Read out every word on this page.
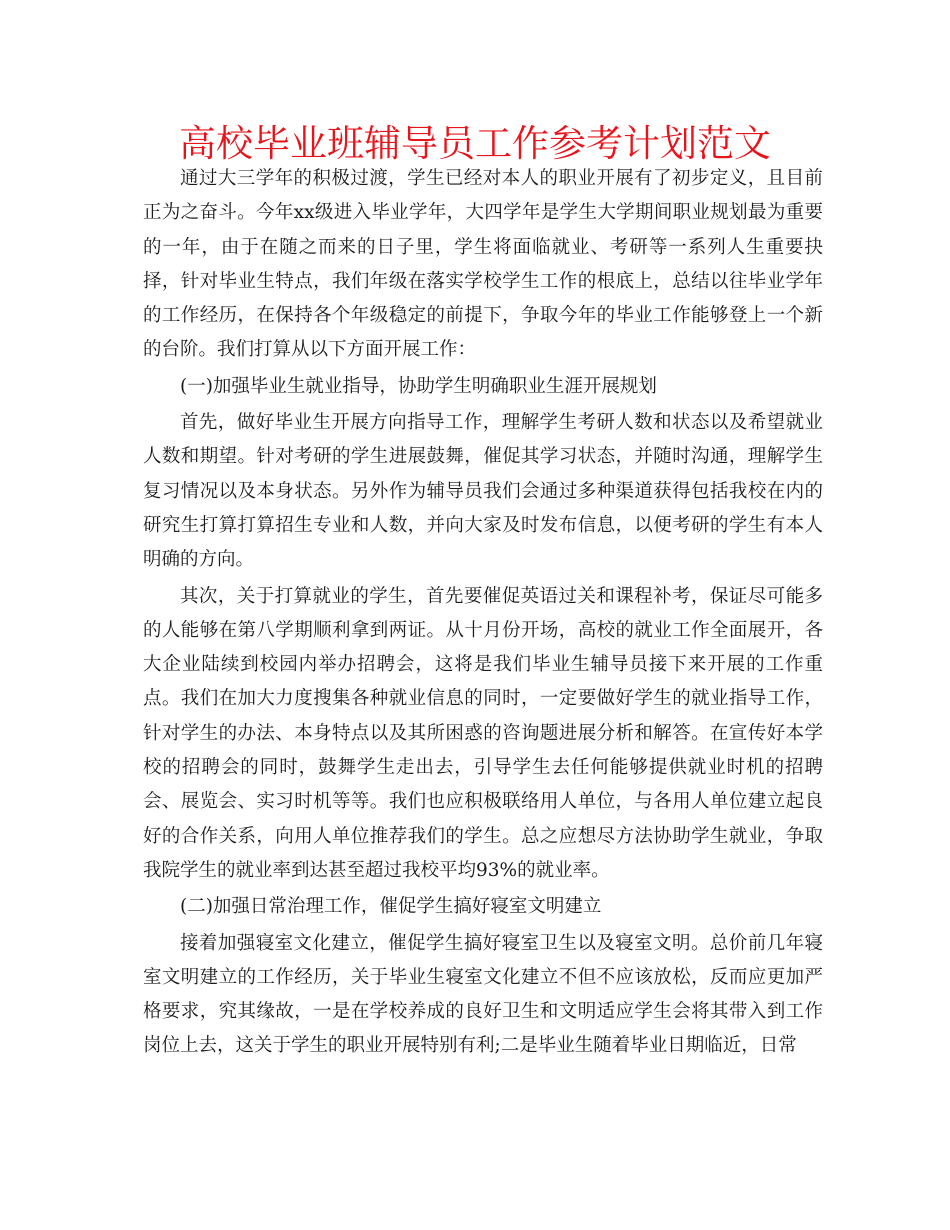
高校毕业班辅导员工作参考计划范文

通过大三学年的积极过渡，学生已经对本人的职业开展有了初步定义，且目前正为之奋斗。今年xx级进入毕业学年，大四学年是学生大学期间职业规划最为重要的一年，由于在随之而来的日子里，学生将面临就业、考研等一系列人生重要抉择，针对毕业生特点，我们年级在落实学校学生工作的根底上，总结以往毕业学年的工作经历，在保持各个年级稳定的前提下，争取今年的毕业工作能够登上一个新的台阶。我们打算从以下方面开展工作：

(一)加强毕业生就业指导，协助学生明确职业生涯开展规划

首先，做好毕业生开展方向指导工作，理解学生考研人数和状态以及希望就业人数和期望。针对考研的学生进展鼓舞，催促其学习状态，并随时沟通，理解学生复习情况以及本身状态。另外作为辅导员我们会通过多种渠道获得包括我校在内的研究生打算打算招生专业和人数，并向大家及时发布信息，以便考研的学生有本人明确的方向。

其次，关于打算就业的学生，首先要催促英语过关和课程补考，保证尽可能多的人能够在第八学期顺利拿到两证。从十月份开场，高校的就业工作全面展开，各大企业陆续到校园内举办招聘会，这将是我们毕业生辅导员接下来开展的工作重点。我们在加大力度搜集各种就业信息的同时，一定要做好学生的就业指导工作，针对学生的办法、本身特点以及其所困惑的咨询题进展分析和解答。在宣传好本学校的招聘会的同时，鼓舞学生走出去，引导学生去任何能够提供就业时机的招聘会、展览会、实习时机等等。我们也应积极联络用人单位，与各用人单位建立起良好的合作关系，向用人单位推荐我们的学生。总之应想尽方法协助学生就业，争取我院学生的就业率到达甚至超过我校平均93%的就业率。

(二)加强日常治理工作，催促学生搞好寝室文明建立

接着加强寝室文化建立，催促学生搞好寝室卫生以及寝室文明。总价前几年寝室文明建立的工作经历，关于毕业生寝室文化建立不但不应该放松，反而应更加严格要求，究其缘故，一是在学校养成的良好卫生和文明适应学生会将其带入到工作岗位上去，这关于学生的职业开展特别有利;二是毕业生随着毕业日期临近，日常
